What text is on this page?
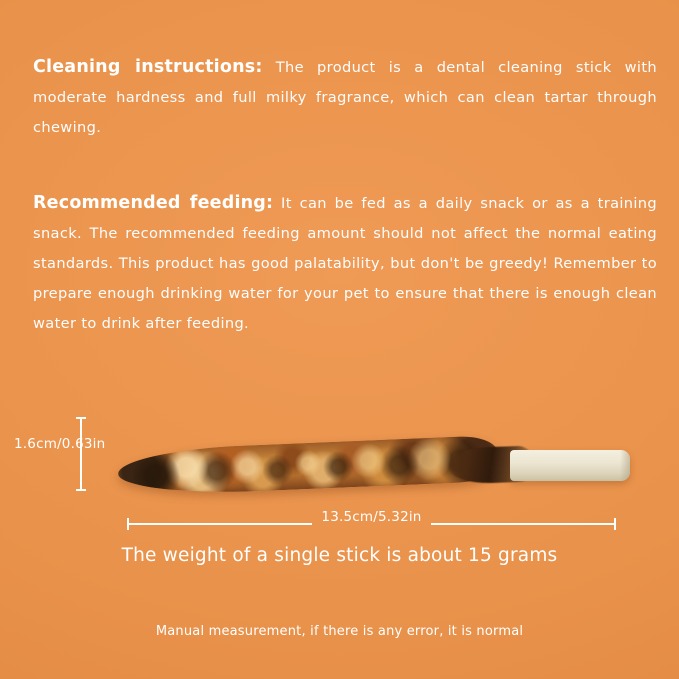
Cleaning instructions: The product is a dental cleaning stick with moderate hardness and full milky fragrance, which can clean tartar through chewing.

Recommended feeding: It can be fed as a daily snack or as a training snack. The recommended feeding amount should not affect the normal eating standards. This product has good palatability, but don't be greedy! Remember to prepare enough drinking water for your pet to ensure that there is enough clean water to drink after feeding.

1.6cm/0.63in
13.5cm/5.32in
The weight of a single stick is about 15 grams
Manual measurement, if there is any error, it is normal
